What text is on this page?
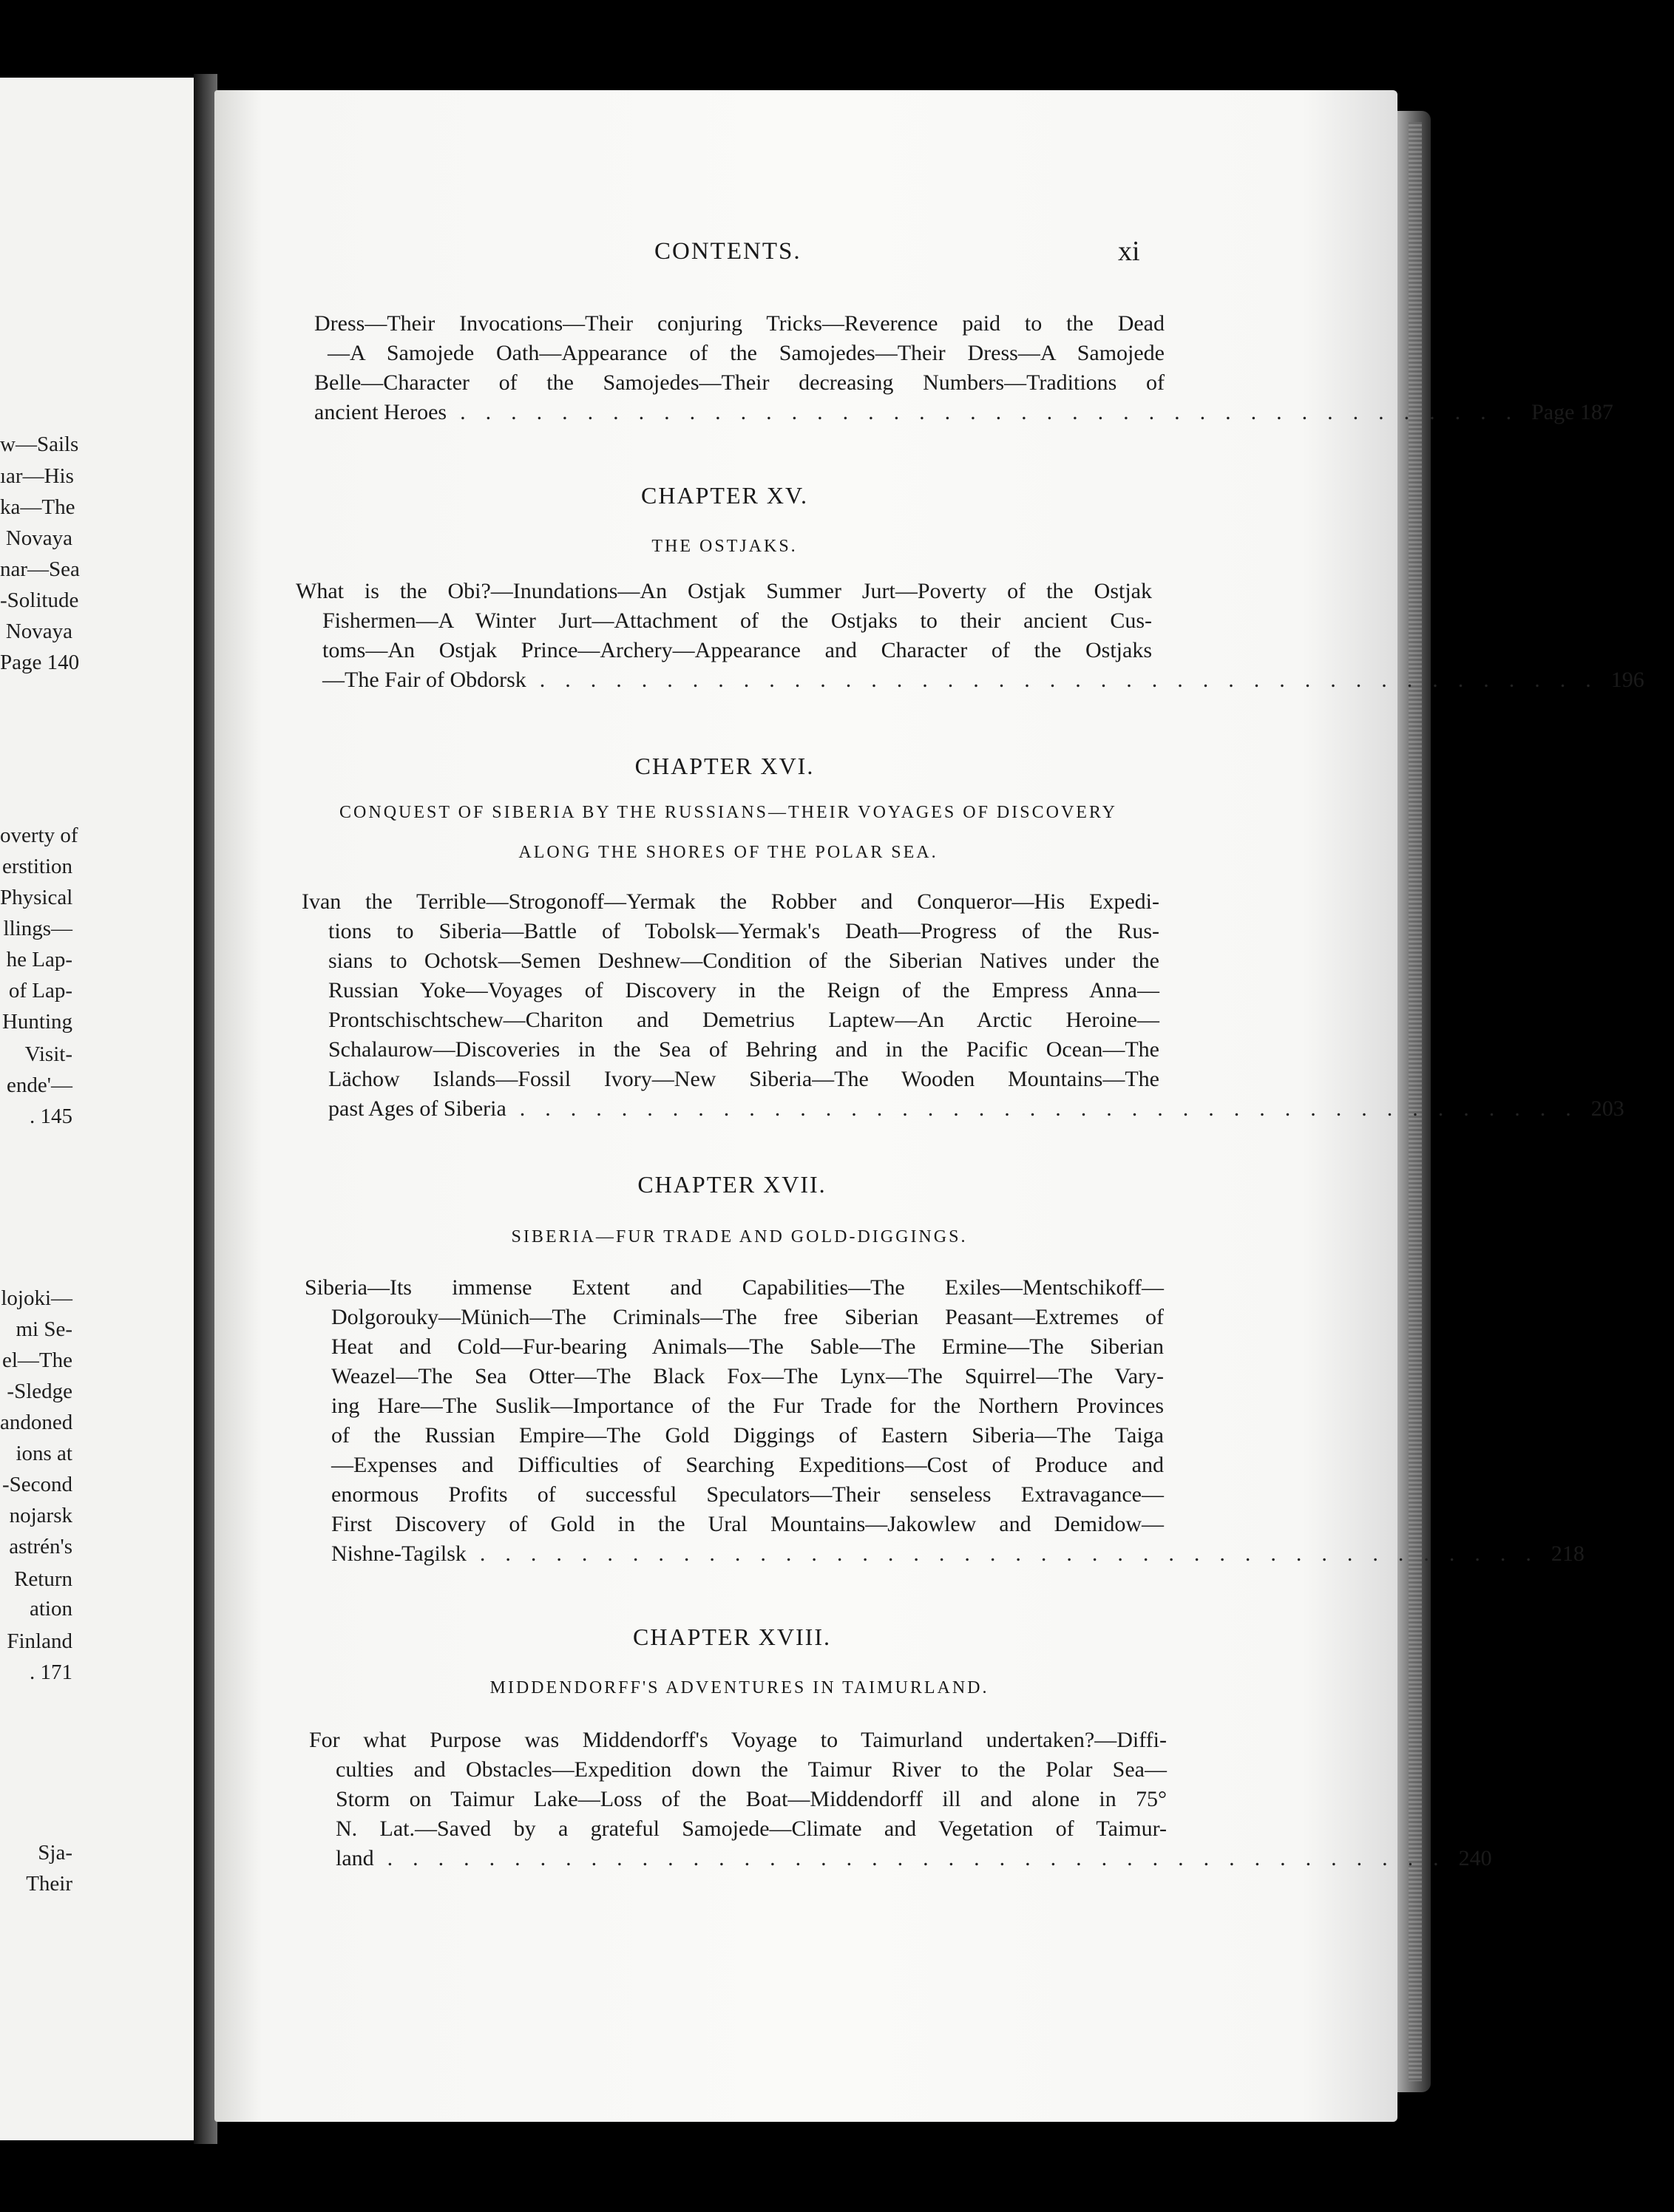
w—Sails
ıar—His
ka—The
Novaya
nar—Sea
-Solitude
Novaya
Page 140
overty of
erstition
Physical
llings—
he Lap-
of Lap-
Hunting
Visit-
ende'—
. 145
lojoki—
mi Se-
el—The
-Sledge
andoned
ions at
-Second
nojarsk
astrén's
Return
ation
Finland
. 171
Sja-
Their
CONTENTS.	xi
Dress—Their Invocations—Their conjuring Tricks—Reverence paid to the Dead
—A Samojede Oath—Appearance of the Samojedes—Their Dress—A Samojede
Belle—Character of the Samojedes—Their decreasing Numbers—Traditions of
ancient Heroes .......................................... Page 187
CHAPTER XV.
THE OSTJAKS.
What is the Obi?—Inundations—An Ostjak Summer Jurt—Poverty of the Ostjak
Fishermen—A Winter Jurt—Attachment of the Ostjaks to their ancient Cus-
toms—An Ostjak Prince—Archery—Appearance and Character of the Ostjaks
—The Fair of Obdorsk .......................................... 196
CHAPTER XVI.
CONQUEST OF SIBERIA BY THE RUSSIANS—THEIR VOYAGES OF DISCOVERY
ALONG THE SHORES OF THE POLAR SEA.
Ivan the Terrible—Strogonoff—Yermak the Robber and Conqueror—His Expedi-
tions to Siberia—Battle of Tobolsk—Yermak's Death—Progress of the Rus-
sians to Ochotsk—Semen Deshnew—Condition of the Siberian Natives under the
Russian Yoke—Voyages of Discovery in the Reign of the Empress Anna—
Prontschischtschew—Chariton and Demetrius Laptew—An Arctic Heroine—
Schalaurow—Discoveries in the Sea of Behring and in the Pacific Ocean—The
Lächow Islands—Fossil Ivory—New Siberia—The Wooden Mountains—The
past Ages of Siberia .......................................... 203
CHAPTER XVII.
SIBERIA—FUR TRADE AND GOLD-DIGGINGS.
Siberia—Its immense Extent and Capabilities—The Exiles—Mentschikoff—
Dolgorouky—Münich—The Criminals—The free Siberian Peasant—Extremes of
Heat and Cold—Fur-bearing Animals—The Sable—The Ermine—The Siberian
Weazel—The Sea Otter—The Black Fox—The Lynx—The Squirrel—The Vary-
ing Hare—The Suslik—Importance of the Fur Trade for the Northern Provinces
of the Russian Empire—The Gold Diggings of Eastern Siberia—The Taiga
—Expenses and Difficulties of Searching Expeditions—Cost of Produce and
enormous Profits of successful Speculators—Their senseless Extravagance—
First Discovery of Gold in the Ural Mountains—Jakowlew and Demidow—
Nishne-Tagilsk .......................................... 218
CHAPTER XVIII.
MIDDENDORFF'S ADVENTURES IN TAIMURLAND.
For what Purpose was Middendorff's Voyage to Taimurland undertaken?—Diffi-
culties and Obstacles—Expedition down the Taimur River to the Polar Sea—
Storm on Taimur Lake—Loss of the Boat—Middendorff ill and alone in 75°
N. Lat.—Saved by a grateful Samojede—Climate and Vegetation of Taimur-
land .......................................... 240
